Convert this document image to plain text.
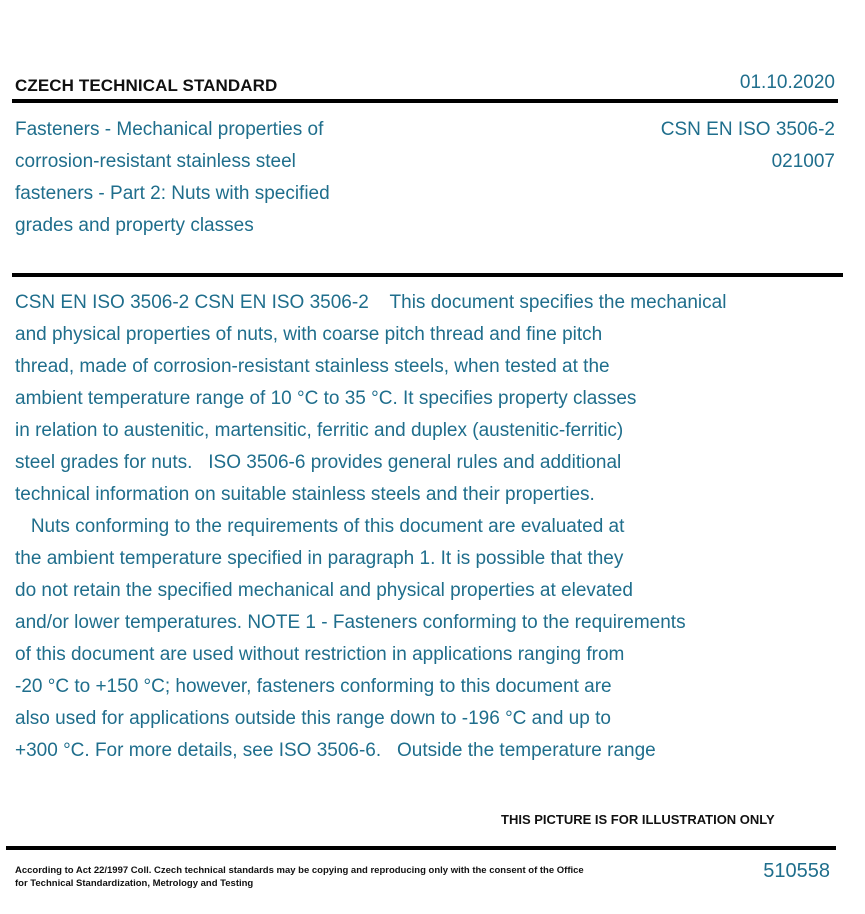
CZECH TECHNICAL STANDARD	01.10.2020
Fasteners - Mechanical properties of
corrosion-resistant stainless steel
fasteners - Part 2: Nuts with specified
grades and property classes
CSN EN ISO 3506-2
021007
CSN EN ISO 3506-2 CSN EN ISO 3506-2    This document specifies the mechanical
and physical properties of nuts, with coarse pitch thread and fine pitch
thread, made of corrosion-resistant stainless steels, when tested at the
ambient temperature range of 10 °C to 35 °C. It specifies property classes
in relation to austenitic, martensitic, ferritic and duplex (austenitic-ferritic)
steel grades for nuts.   ISO 3506-6 provides general rules and additional
technical information on suitable stainless steels and their properties.
Nuts conforming to the requirements of this document are evaluated at
the ambient temperature specified in paragraph 1. It is possible that they
do not retain the specified mechanical and physical properties at elevated
and/or lower temperatures. NOTE 1 - Fasteners conforming to the requirements
of this document are used without restriction in applications ranging from
-20 °C to +150 °C; however, fasteners conforming to this document are
also used for applications outside this range down to -196 °C and up to
+300 °C. For more details, see ISO 3506-6.   Outside the temperature range
THIS PICTURE IS FOR ILLUSTRATION ONLY
According to Act 22/1997 Coll. Czech technical standards may be copying and reproducing only with the consent of the Office
for Technical Standardization, Metrology and Testing
510558
